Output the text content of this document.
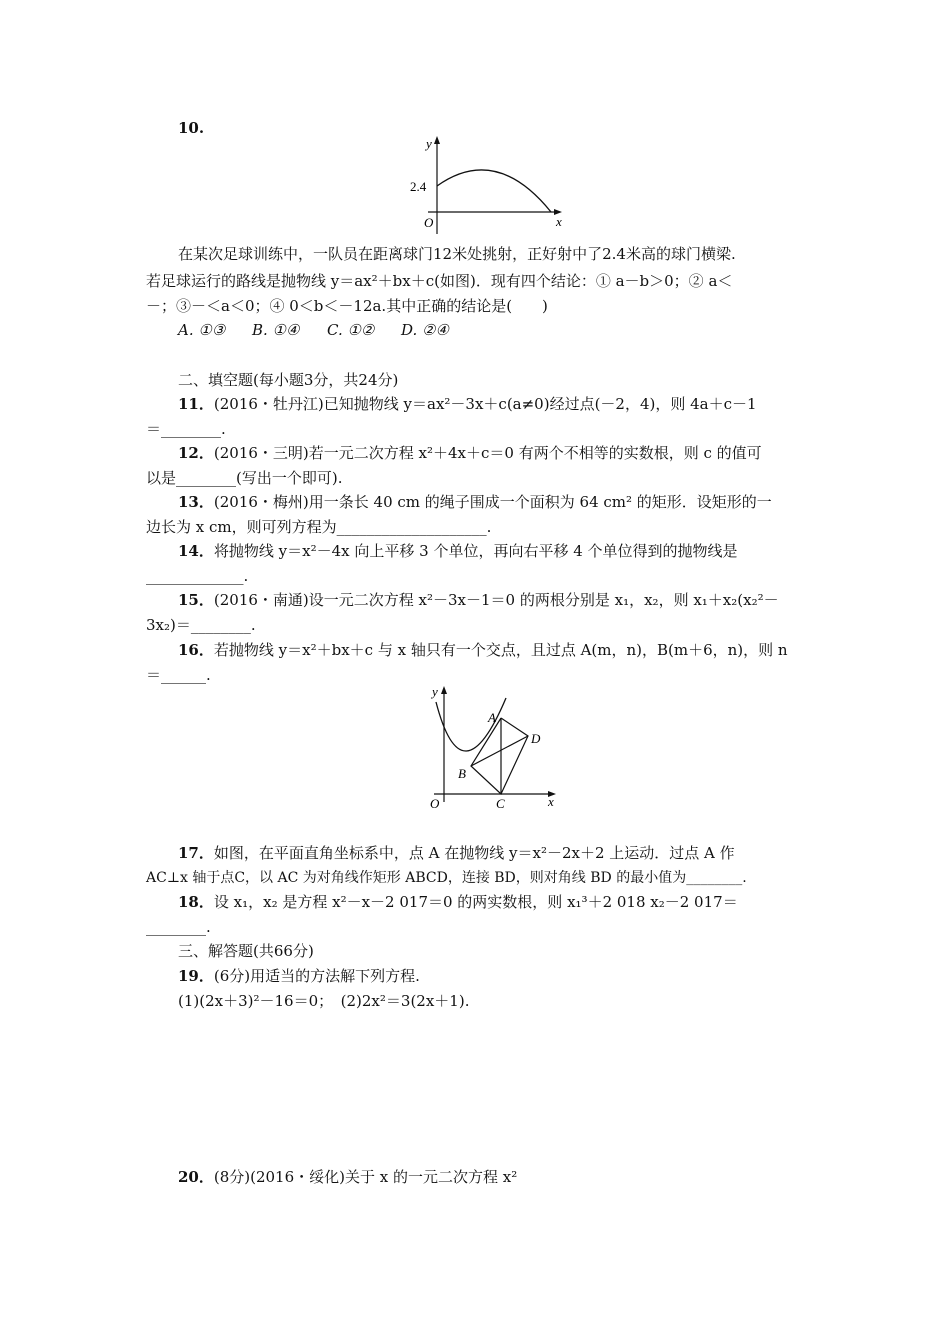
10.
y
x
O
2.4
在某次足球训练中，一队员在距离球门12米处挑射，正好射中了2.4米高的球门横梁.
若足球运行的路线是抛物线 y＝ax²＋bx＋c(如图)．现有四个结论：① a－b＞0；② a＜
－；③－＜a＜0；④ 0＜b＜－12a.其中正确的结论是(　　)
A. ①③ B. ①④ C. ①② D. ②④
二、填空题(每小题3分，共24分)
11．(2016・牡丹江)已知抛物线 y＝ax²－3x＋c(a≠0)经过点(－2，4)，则 4a＋c－1
＝________.
12．(2016・三明)若一元二次方程 x²＋4x＋c＝0 有两个不相等的实数根，则 c 的值可
以是________(写出一个即可).
13．(2016・梅州)用一条长 40 cm 的绳子围成一个面积为 64 cm² 的矩形．设矩形的一
边长为 x cm，则可列方程为____________________.
14．将抛物线 y＝x²－4x 向上平移 3 个单位，再向右平移 4 个单位得到的抛物线是
_____________.
15．(2016・南通)设一元二次方程 x²－3x－1＝0 的两根分别是 x₁，x₂，则 x₁＋x₂(x₂²－
3x₂)＝________.
16．若抛物线 y＝x²＋bx＋c 与 x 轴只有一个交点，且过点 A(m，n)，B(m＋6，n)，则 n
＝______.
y
x
O
A
B
C
D
17．如图，在平面直角坐标系中，点 A 在抛物线 y＝x²－2x＋2 上运动．过点 A 作
AC⊥x 轴于点C，以 AC 为对角线作矩形 ABCD，连接 BD，则对角线 BD 的最小值为________.
18．设 x₁，x₂ 是方程 x²－x－2 017＝0 的两实数根，则 x₁³＋2 018 x₂－2 017＝
________.
三、解答题(共66分)
19．(6分)用适当的方法解下列方程.
(1)(2x＋3)²－16＝0；　(2)2x²＝3(2x＋1).
20．(8分)(2016・绥化)关于 x 的一元二次方程 x²
